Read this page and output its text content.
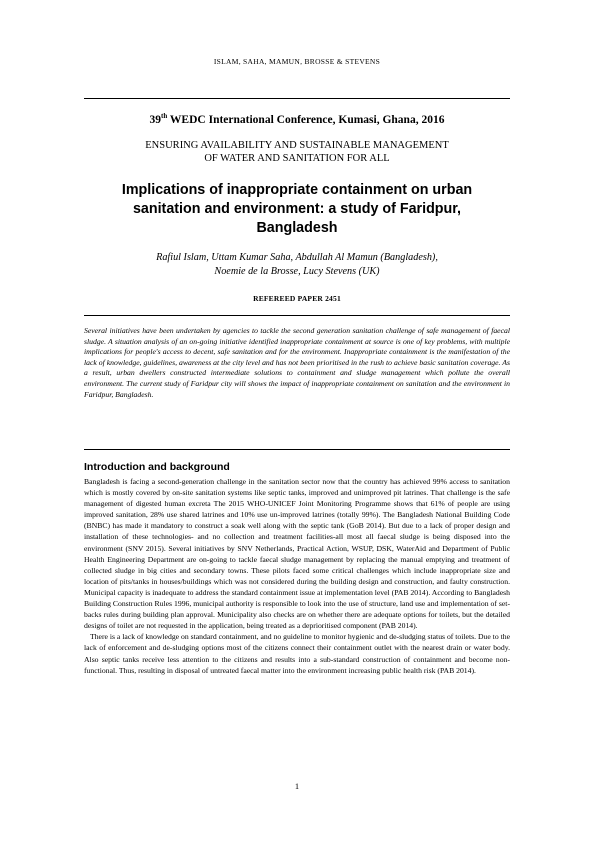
ISLAM, SAHA, MAMUN, BROSSE & STEVENS
39th WEDC International Conference, Kumasi, Ghana, 2016
ENSURING AVAILABILITY AND SUSTAINABLE MANAGEMENT
OF WATER AND SANITATION FOR ALL
Implications of inappropriate containment on urban sanitation and environment: a study of Faridpur, Bangladesh
Rafiul Islam, Uttam Kumar Saha, Abdullah Al Mamun (Bangladesh),
Noemie de la Brosse, Lucy Stevens (UK)
REFEREED PAPER 2451

Several initiatives have been undertaken by agencies to tackle the second generation sanitation challenge of safe management of faecal sludge. A situation analysis of an on-going initiative identified inappropriate containment at source is one of key problems, with multiple implications for people's access to decent, safe sanitation and for the environment. Inappropriate containment is the manifestation of the lack of knowledge, guidelines, awareness at the city level and has not been prioritised in the rush to achieve basic sanitation coverage. As a result, urban dwellers constructed intermediate solutions to containment and sludge management which pollute the overall environment. The current study of Faridpur city will shows the impact of inappropriate containment on sanitation and the environment in Faridpur, Bangladesh.

Introduction and background

Bangladesh is facing a second-generation challenge in the sanitation sector now that the country has achieved 99% access to sanitation which is mostly covered by on-site sanitation systems like septic tanks, improved and unimproved pit latrines. That challenge is the safe management of digested human excreta The 2015 WHO-UNICEF Joint Monitoring Programme shows that 61% of people are using improved sanitation, 28% use shared latrines and 10% use un-improved latrines (totally 99%). The Bangladesh National Building Code (BNBC) has made it mandatory to construct a soak well along with the septic tank (GoB 2014). But due to a lack of proper design and installation of these technologies- and no collection and treatment facilities-all most all faecal sludge is being disposed into the environment (SNV 2015). Several initiatives by SNV Netherlands, Practical Action, WSUP, DSK, WaterAid and Department of Public Health Engineering Department are on-going to tackle faecal sludge management by replacing the manual emptying and treatment of collected sludge in big cities and secondary towns. These pilots faced some critical challenges which include inappropriate size and location of pits/tanks in houses/buildings which was not considered during the building design and construction, and faulty construction. Municipal capacity is inadequate to address the standard containment issue at implementation level (PAB 2014). According to Bangladesh Building Construction Rules 1996, municipal authority is responsible to look into the use of structure, land use and implementation of set-backs rules during building plan approval. Municipality also checks are on whether there are adequate options for toilets, but the detailed designs of toilet are not requested in the application, being treated as a deprioritised component (PAB 2014).

There is a lack of knowledge on standard containment, and no guideline to monitor hygienic and de-sludging status of toilets. Due to the lack of enforcement and de-sludging options most of the citizens connect their containment outlet with the nearest drain or water body. Also septic tanks receive less attention to the citizens and results into a sub-standard construction of containment and become non-functional. Thus, resulting in disposal of untreated faecal matter into the environment increasing public health risk (PAB 2014).

1
